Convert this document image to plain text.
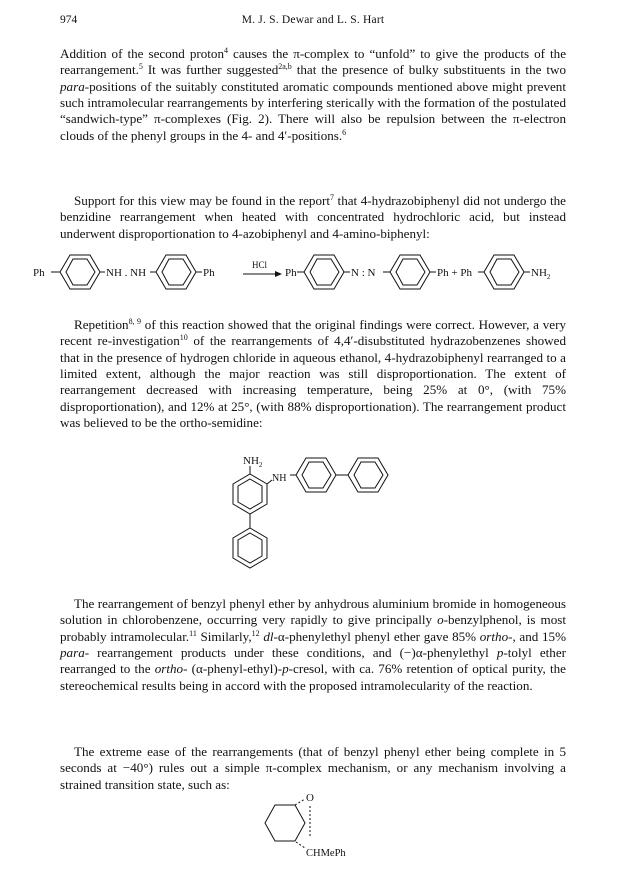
974	M. J. S. Dewar and L. S. Hart

Addition of the second proton$^4$ causes the π-complex to “unfold” to give the products of the rearrangement.$^5$ It was further suggested$^{2a,b}$ that the presence of bulky substituents in the two para-positions of the suitably constituted aromatic compounds mentioned above might prevent such intramolecular rearrangements by interfering sterically with the formation of the postulated “sandwich-type” π-complexes (Fig. 2). There will also be repulsion between the π-electron clouds of the phenyl groups in the 4- and 4′-positions.$^6$

Support for this view may be found in the report$^7$ that 4-hydrazobiphenyl did not undergo the benzidine rearrangement when heated with concentrated hydrochloric acid, but instead underwent disproportionation to 4-azobiphenyl and 4-amino-biphenyl:

Ph	NH . NH	Ph
HCl
Ph	N : N	Ph + Ph	$NH_2$

Repetition$^{8, 9}$ of this reaction showed that the original findings were correct. However, a very recent re-investigation$^{10}$ of the rearrangements of 4,4′-disubstituted hydrazobenzenes showed that in the presence of hydrogen chloride in aqueous ethanol, 4-hydrazobiphenyl rearranged to a limited extent, although the major reaction was still disproportionation. The extent of rearrangement decreased with increasing temperature, being 25% at 0°, (with 75% disproportionation), and 12% at 25°, (with 88% disproportionation). The rearrangement product was believed to be the ortho-semidine:

$NH_2$
NH

The rearrangement of benzyl phenyl ether by anhydrous aluminium bromide in homogeneous solution in chlorobenzene, occurring very rapidly to give principally o-benzylphenol, is most probably intramolecular.$^{11}$ Similarly,$^{12}$ dl-α-phenylethyl phenyl ether gave 85% ortho-, and 15% para- rearrangement products under these conditions, and (−)α-phenylethyl p-tolyl ether rearranged to the ortho- (α-phenyl-ethyl)-p-cresol, with ca. 76% retention of optical purity, the stereochemical results being in accord with the proposed intramolecularity of the reaction.

The extreme ease of the rearrangements (that of benzyl phenyl ether being complete in 5 seconds at −40°) rules out a simple π-complex mechanism, or any mechanism involving a strained transition state, such as:

O
CHMePh
